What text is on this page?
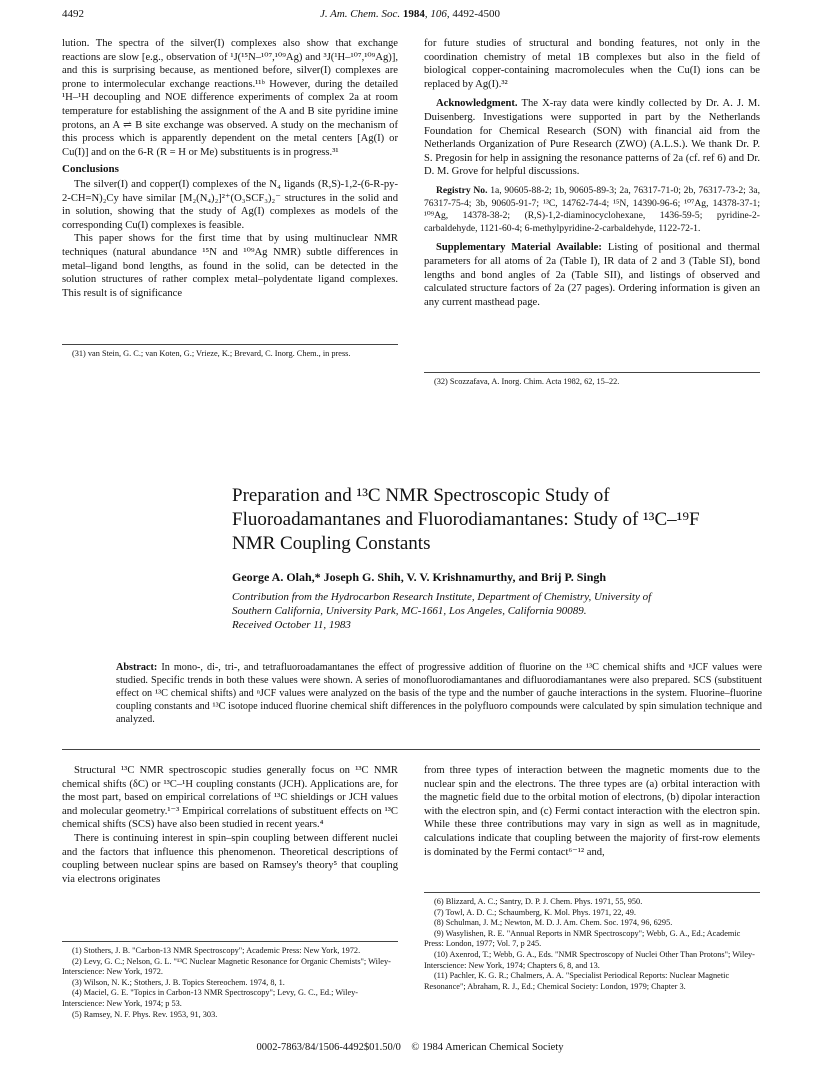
4492	J. Am. Chem. Soc. 1984, 106, 4492-4500

lution. The spectra of the silver(I) complexes also show that exchange reactions are slow [e.g., observation of ¹J(¹⁵N–¹⁰⁷,¹⁰⁹Ag) and ³J(¹H–¹⁰⁷,¹⁰⁹Ag)], and this is surprising because, as mentioned before, silver(I) complexes are prone to intermolecular exchange reactions.¹¹ᵇ However, during the detailed ¹H–¹H decoupling and NOE difference experiments of complex 2a at room temperature for establishing the assignment of the A and B site pyridine imine protons, an A ⇌ B site exchange was observed. A study on the mechanism of this process which is apparently dependent on the metal centers [Ag(I) or Cu(I)] and on the 6-R (R = H or Me) substituents is in progress.³¹

Conclusions

The silver(I) and copper(I) complexes of the N₄ ligands (R,S)-1,2-(6-R-py-2-CH=N)₂Cy have similar [M₂(N₄)₂]²⁺(O₃SCF₃)₂⁻ structures in the solid and in solution, showing that the study of Ag(I) complexes as models of the corresponding Cu(I) complexes is feasible.

This paper shows for the first time that by using multinuclear NMR techniques (natural abundance ¹⁵N and ¹⁰⁹Ag NMR) subtle differences in metal–ligand bond lengths, as found in the solid, can be detected in the solution structures of rather complex metal–polydentate ligand complexes. This result is of significance

(31) van Stein, G. C.; van Koten, G.; Vrieze, K.; Brevard, C. Inorg. Chem., in press.

for future studies of structural and bonding features, not only in the coordination chemistry of metal 1B complexes but also in the field of biological copper-containing macromolecules when the Cu(I) ions can be replaced by Ag(I).³²

Acknowledgment. The X-ray data were kindly collected by Dr. A. J. M. Duisenberg. Investigations were supported in part by the Netherlands Foundation for Chemical Research (SON) with financial aid from the Netherlands Organization of Pure Research (ZWO) (A.L.S.). We thank Dr. P. S. Pregosin for help in assigning the resonance patterns of 2a (cf. ref 6) and Dr. D. M. Grove for helpful discussions.

Registry No. 1a, 90605-88-2; 1b, 90605-89-3; 2a, 76317-71-0; 2b, 76317-73-2; 3a, 76317-75-4; 3b, 90605-91-7; ¹³C, 14762-74-4; ¹⁵N, 14390-96-6; ¹⁰⁷Ag, 14378-37-1; ¹⁰⁹Ag, 14378-38-2; (R,S)-1,2-diaminocyclohexane, 1436-59-5; pyridine-2-carbaldehyde, 1121-60-4; 6-methylpyridine-2-carbaldehyde, 1122-72-1.

Supplementary Material Available: Listing of positional and thermal parameters for all atoms of 2a (Table I), IR data of 2 and 3 (Table SI), bond lengths and bond angles of 2a (Table SII), and listings of observed and calculated structure factors of 2a (27 pages). Ordering information is given an any current masthead page.

(32) Scozzafava, A. Inorg. Chim. Acta 1982, 62, 15–22.

Preparation and ¹³C NMR Spectroscopic Study of
Fluoroadamantanes and Fluorodiamantanes: Study of ¹³C–¹⁹F
NMR Coupling Constants
George A. Olah,* Joseph G. Shih, V. V. Krishnamurthy, and Brij P. Singh
Contribution from the Hydrocarbon Research Institute, Department of Chemistry, University of
Southern California, University Park, MC-1661, Los Angeles, California 90089.
Received October 11, 1983
Abstract: In mono-, di-, tri-, and tetrafluoroadamantanes the effect of progressive addition of fluorine on the ¹³C chemical shifts and ⁿJCF values were studied. Specific trends in both these values were shown. A series of monofluorodiamantanes and difluorodiamantanes were also prepared. SCS (substituent effect on ¹³C chemical shifts) and ⁿJCF values were analyzed on the basis of the type and the number of gauche interactions in the system. Fluorine–fluorine coupling constants and ¹³C isotope induced fluorine chemical shift differences in the polyfluoro compounds were calculated by spin simulation technique and analyzed.

Structural ¹³C NMR spectroscopic studies generally focus on ¹³C NMR chemical shifts (δC) or ¹³C–¹H coupling constants (JCH). Applications are, for the most part, based on empirical correlations of ¹³C shieldings or JCH values and molecular geometry.¹⁻³ Empirical correlations of substituent effects on ¹³C chemical shifts (SCS) have also been studied in recent years.⁴

There is continuing interest in spin–spin coupling between different nuclei and the factors that influence this phenomenon. Theoretical descriptions of coupling between nuclear spins are based on Ramsey's theory⁵ that coupling via electrons originates

(1) Stothers, J. B. "Carbon-13 NMR Spectroscopy"; Academic Press: New York, 1972.

(2) Levy, G. C.; Nelson, G. L. "¹³C Nuclear Magnetic Resonance for Organic Chemists"; Wiley-Interscience: New York, 1972.

(3) Wilson, N. K.; Stothers, J. B. Topics Stereochem. 1974, 8, 1.

(4) Maciel, G. E. "Topics in Carbon-13 NMR Spectroscopy"; Levy, G. C., Ed.; Wiley-Interscience: New York, 1974; p 53.

(5) Ramsey, N. F. Phys. Rev. 1953, 91, 303.

from three types of interaction between the magnetic moments due to the nuclear spin and the electrons. The three types are (a) orbital interaction with the magnetic field due to the orbital motion of electrons, (b) dipolar interaction with the electron spin, and (c) Fermi contact interaction with the electron spin. While these three contributions may vary in sign as well as in magnitude, calculations indicate that coupling between the majority of first-row elements is dominated by the Fermi contact⁶⁻¹² and,

(6) Blizzard, A. C.; Santry, D. P. J. Chem. Phys. 1971, 55, 950.

(7) Towl, A. D. C.; Schaumberg, K. Mol. Phys. 1971, 22, 49.

(8) Schulman, J. M.; Newton, M. D. J. Am. Chem. Soc. 1974, 96, 6295.

(9) Wasylishen, R. E. "Annual Reports in NMR Spectroscopy"; Webb, G. A., Ed.; Academic Press: London, 1977; Vol. 7, p 245.

(10) Axenrod, T.; Webb, G. A., Eds. "NMR Spectroscopy of Nuclei Other Than Protons"; Wiley-Interscience: New York, 1974; Chapters 6, 8, and 13.

(11) Pachler, K. G. R.; Chalmers, A. A. "Specialist Periodical Reports: Nuclear Magnetic Resonance"; Abraham, R. J., Ed.; Chemical Society: London, 1979; Chapter 3.

0002-7863/84/1506-4492$01.50/0 © 1984 American Chemical Society
